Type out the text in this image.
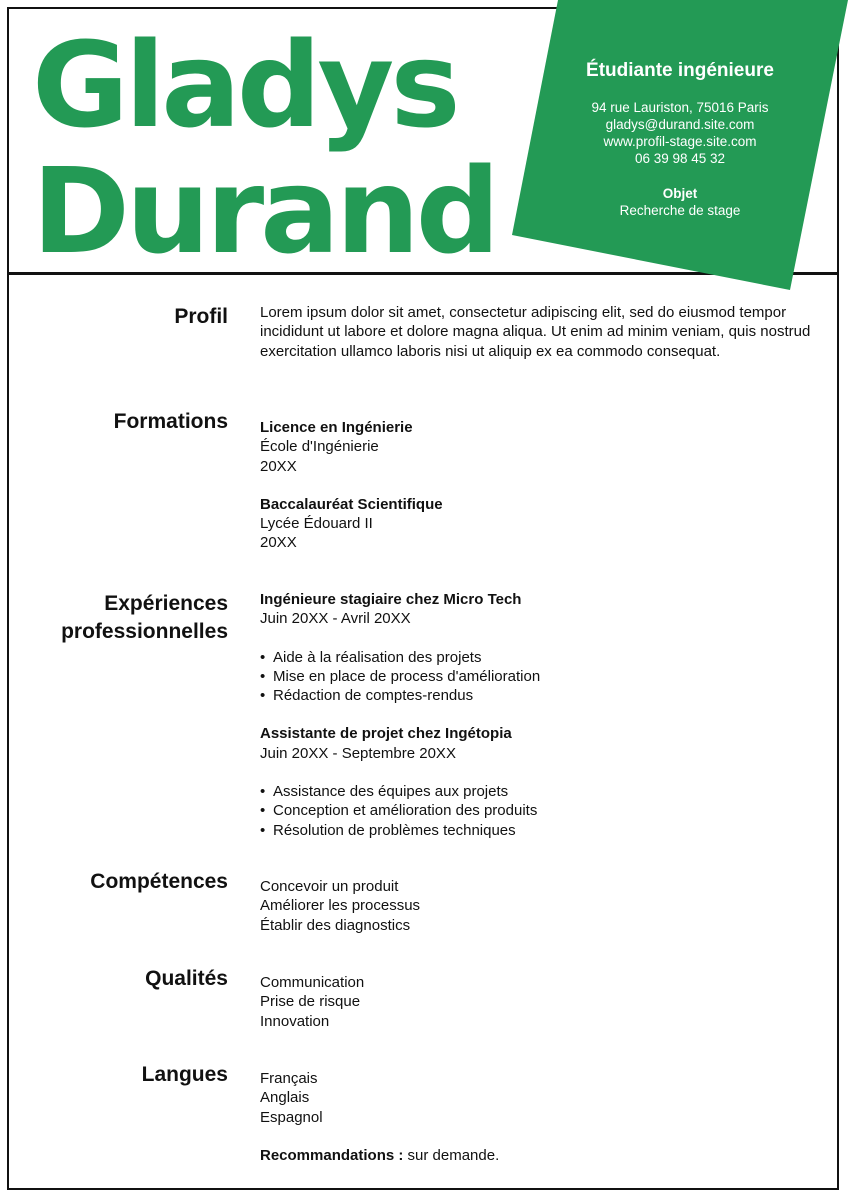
Gladys
Durand
Étudiante ingénieure
94 rue Lauriston, 75016 Paris
gladys@durand.site.com
www.profil-stage.site.com
06 39 98 45 32
Objet
Recherche de stage
Profil Lorem ipsum dolor sit amet, consectetur adipiscing elit, sed do eiusmod tempor incididunt ut labore et dolore magna aliqua. Ut enim ad minim veniam, quis nostrud exercitation ullamco laboris nisi ut aliquip ex ea commodo consequat.
Formations Licence en Ingénierie
École d'Ingénierie
20XX
Baccalauréat Scientifique
Lycée Édouard II
20XX
Expériences
professionnelles
Ingénieure stagiaire chez Micro Tech
Juin 20XX - Avril 20XX
• Aide à la réalisation des projets
• Mise en place de process d'amélioration
• Rédaction de comptes-rendus
Assistante de projet chez Ingétopia
Juin 20XX - Septembre 20XX
• Assistance des équipes aux projets
• Conception et amélioration des produits
• Résolution de problèmes techniques
Compétences Concevoir un produit
Améliorer les processus
Établir des diagnostics
Qualités Communication
Prise de risque
Innovation
Langues Français
Anglais
Espagnol
Recommandations : sur demande.
